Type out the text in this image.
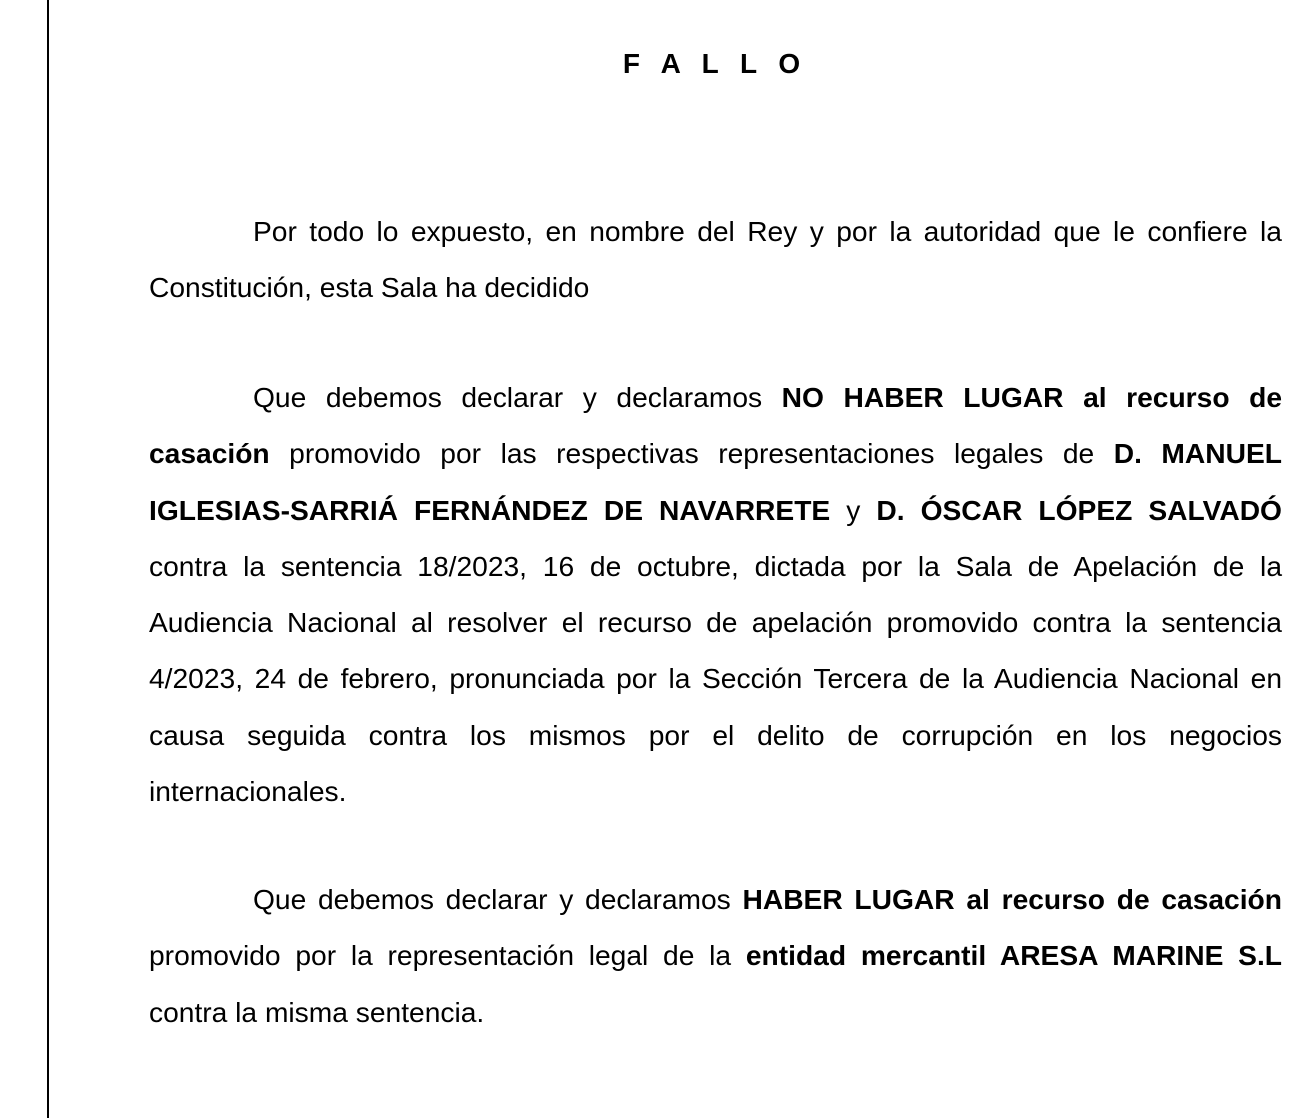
F A L L O

Por todo lo expuesto, en nombre del Rey y por la autoridad que le confiere la Constitución, esta Sala ha decidido

Que debemos declarar y declaramos NO HABER LUGAR al recurso de casación promovido por las respectivas representaciones legales de D. MANUEL IGLESIAS-SARRIÁ FERNÁNDEZ DE NAVARRETE y D. ÓSCAR LÓPEZ SALVADÓ contra la sentencia 18/2023, 16 de octubre, dictada por la Sala de Apelación de la Audiencia Nacional al resolver el recurso de apelación promovido contra la sentencia 4/2023, 24 de febrero, pronunciada por la Sección Tercera de la Audiencia Nacional en causa seguida contra los mismos por el delito de corrupción en los negocios internacionales.

Que debemos declarar y declaramos HABER LUGAR al recurso de casación promovido por la representación legal de la entidad mercantil ARESA MARINE S.L contra la misma sentencia.
